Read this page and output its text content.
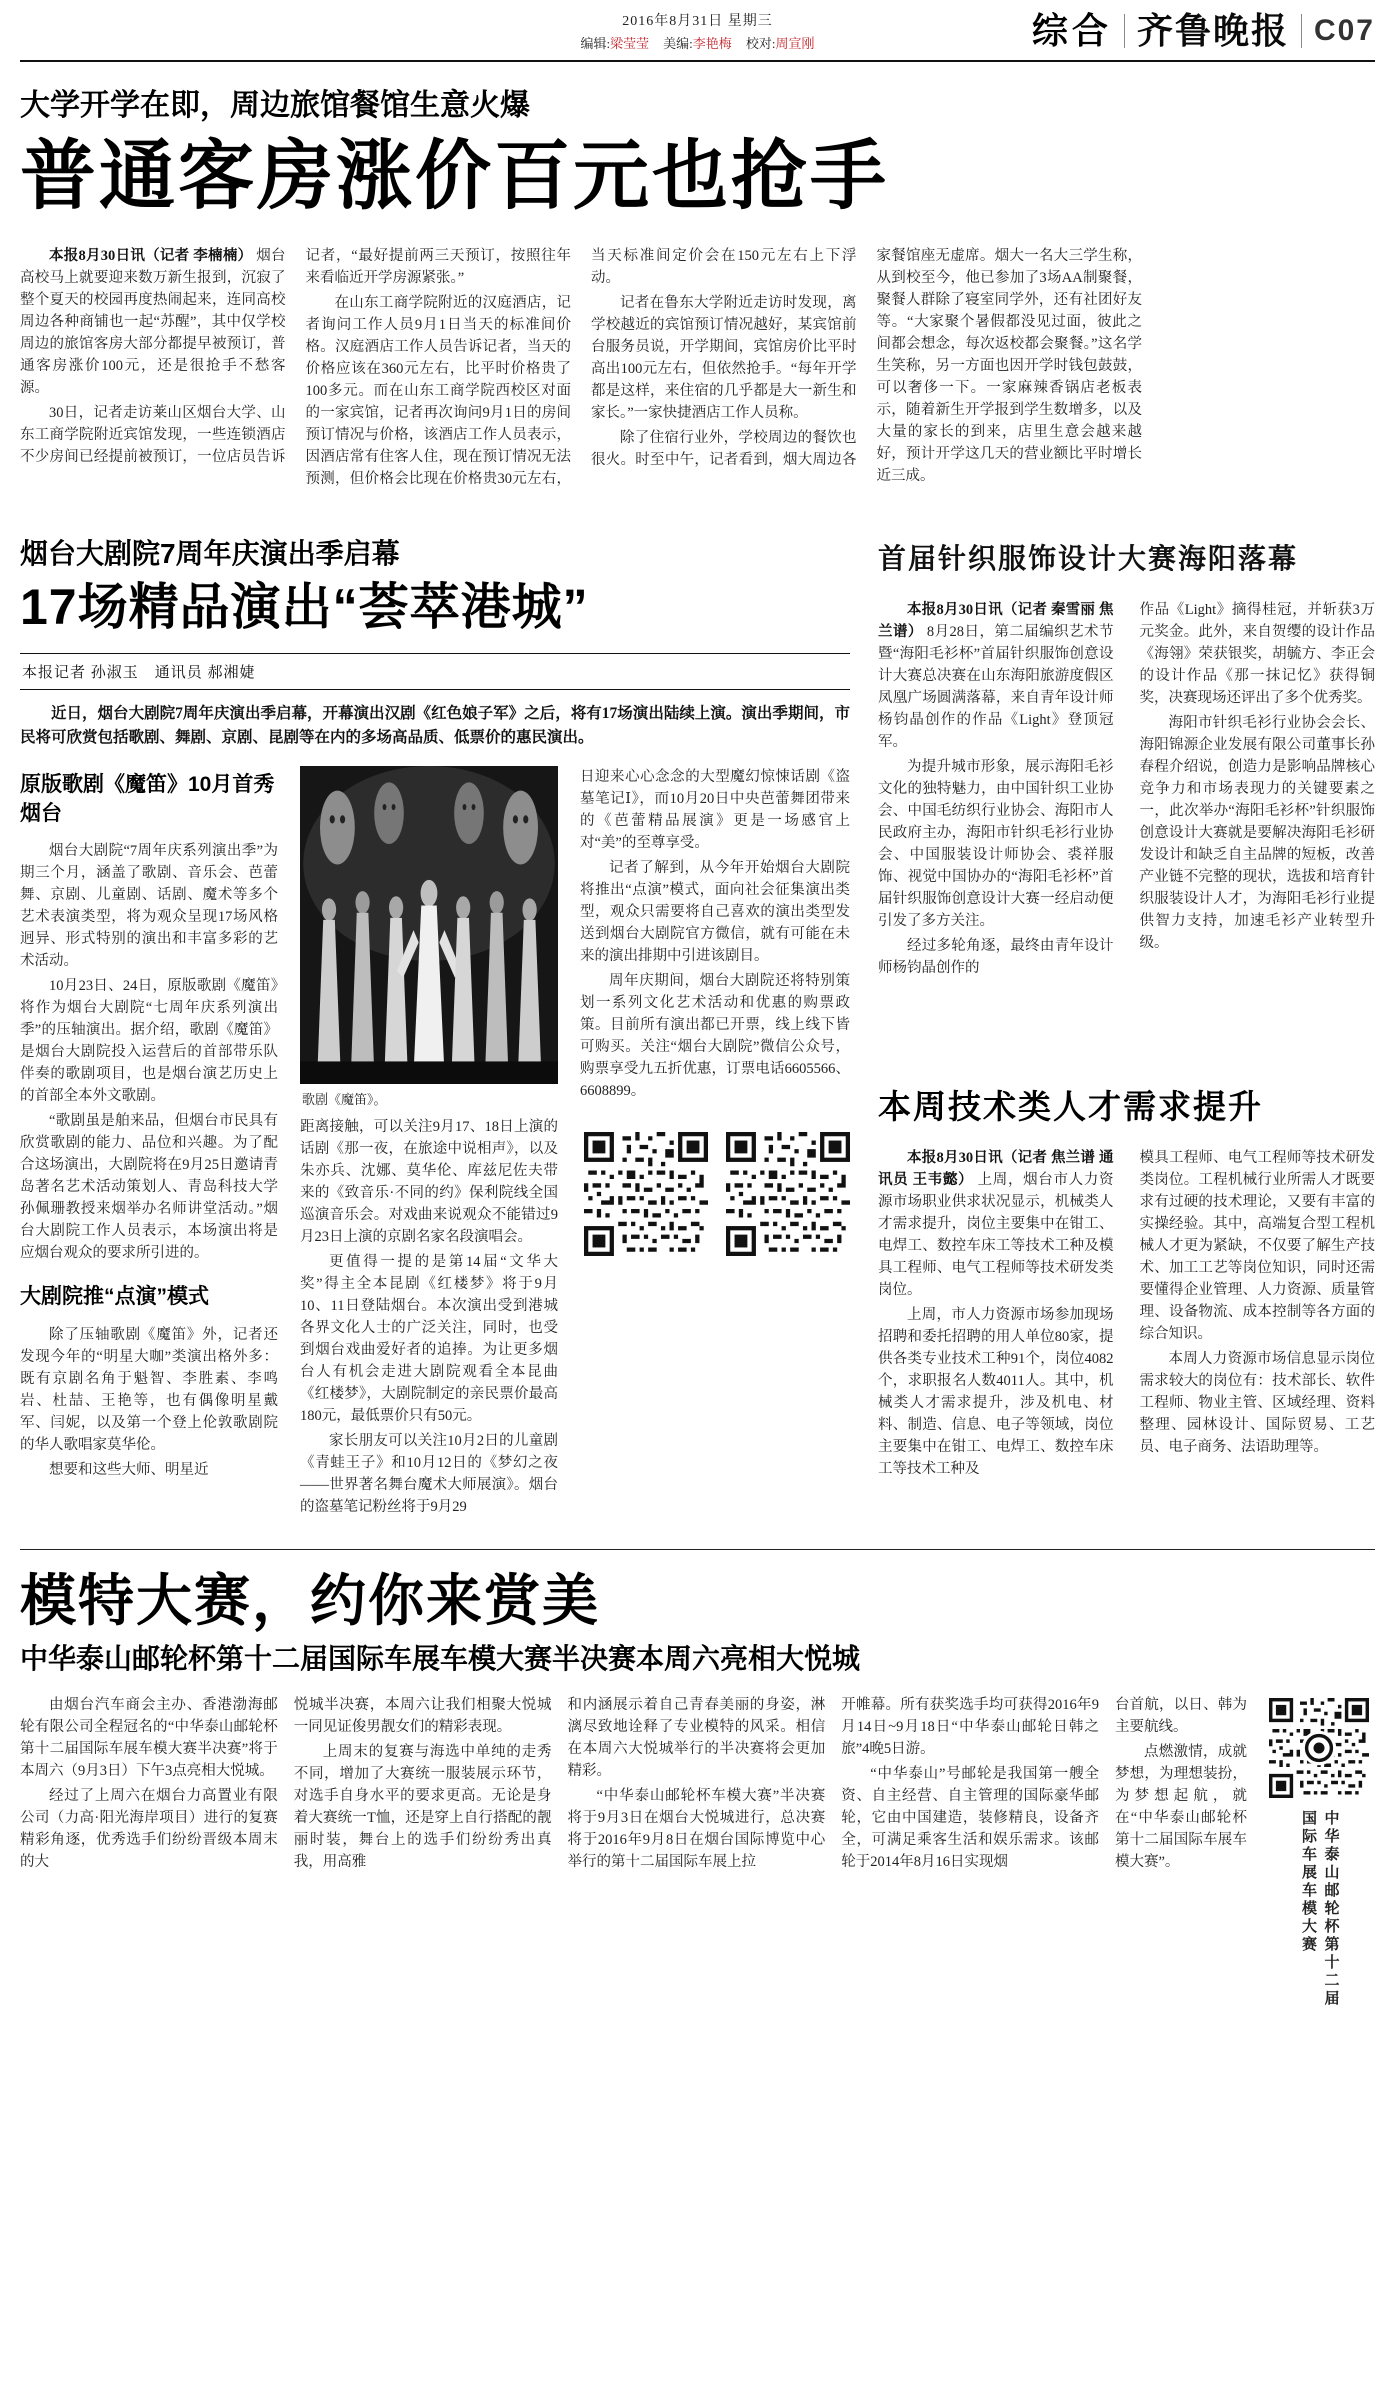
2016年8月31日 星期三
编辑:梁莹莹 美编:李艳梅 校对:周宣刚	综合 齐鲁晚报 C07
大学开学在即，周边旅馆餐馆生意火爆
普通客房涨价百元也抢手

本报8月30日讯（记者 李楠楠） 烟台高校马上就要迎来数万新生报到，沉寂了整个夏天的校园再度热闹起来，连同高校周边各种商铺也一起“苏醒”，其中仅学校周边的旅馆客房大部分都提早被预订，普通客房涨价100元，还是很抢手不愁客源。

30日，记者走访莱山区烟台大学、山东工商学院附近宾馆发现，一些连锁酒店不少房间已经提前被预订，一位店员告诉记者，“最好提前两三天预订，按照往年来看临近开学房源紧张。”

在山东工商学院附近的汉庭酒店，记者询问工作人员9月1日当天的标准间价格。汉庭酒店工作人员告诉记者，当天的价格应该在360元左右，比平时价格贵了100多元。而在山东工商学院西校区对面的一家宾馆，记者再次询问9月1日的房间预订情况与价格，该酒店工作人员表示，因酒店常有住客人住，现在预订情况无法预测，但价格会比现在价格贵30元左右，当天标准间定价会在150元左右上下浮动。

记者在鲁东大学附近走访时发现，离学校越近的宾馆预订情况越好，某宾馆前台服务员说，开学期间，宾馆房价比平时高出100元左右，但依然抢手。“每年开学都是这样，来住宿的几乎都是大一新生和家长。”一家快捷酒店工作人员称。

除了住宿行业外，学校周边的餐饮也很火。时至中午，记者看到，烟大周边各家餐馆座无虚席。烟大一名大三学生称，从到校至今，他已参加了3场AA制聚餐，聚餐人群除了寝室同学外，还有社团好友等。“大家聚个暑假都没见过面，彼此之间都会想念，每次返校都会聚餐。”这名学生笑称，另一方面也因开学时钱包鼓鼓，可以奢侈一下。一家麻辣香锅店老板表示，随着新生开学报到学生数增多，以及大量的家长的到来，店里生意会越来越好，预计开学这几天的营业额比平时增长近三成。

烟台大剧院7周年庆演出季启幕
17场精品演出“荟萃港城”
本报记者 孙淑玉　通讯员 郝湘婕

近日，烟台大剧院7周年庆演出季启幕，开幕演出汉剧《红色娘子军》之后，将有17场演出陆续上演。演出季期间，市民将可欣赏包括歌剧、舞剧、京剧、昆剧等在内的多场高品质、低票价的惠民演出。

原版歌剧《魔笛》10月首秀烟台

烟台大剧院“7周年庆系列演出季”为期三个月，涵盖了歌剧、音乐会、芭蕾舞、京剧、儿童剧、话剧、魔术等多个艺术表演类型，将为观众呈现17场风格迥异、形式特别的演出和丰富多彩的艺术活动。

10月23日、24日，原版歌剧《魔笛》将作为烟台大剧院“七周年庆系列演出季”的压轴演出。据介绍，歌剧《魔笛》是烟台大剧院投入运营后的首部带乐队伴奏的歌剧项目，也是烟台演艺历史上的首部全本外文歌剧。

“歌剧虽是舶来品，但烟台市民具有欣赏歌剧的能力、品位和兴趣。为了配合这场演出，大剧院将在9月25日邀请青岛著名艺术活动策划人、青岛科技大学孙佩珊教授来烟举办名师讲堂活动。”烟台大剧院工作人员表示，本场演出将是应烟台观众的要求所引进的。

大剧院推“点演”模式

除了压轴歌剧《魔笛》外，记者还发现今年的“明星大咖”类演出格外多：既有京剧名角于魁智、李胜素、李鸣岩、杜喆、王艳等，也有偶像明星戴军、闫妮，以及第一个登上伦敦歌剧院的华人歌唱家莫华伦。

想要和这些大师、明星近

歌剧《魔笛》。

距离接触，可以关注9月17、18日上演的话剧《那一夜，在旅途中说相声》，以及朱亦兵、沈娜、莫华伦、库兹尼佐夫带来的《致音乐·不同的约》保利院线全国巡演音乐会。对戏曲来说观众不能错过9月23日上演的京剧名家名段演唱会。

更值得一提的是第14届“文华大奖”得主全本昆剧《红楼梦》将于9月10、11日登陆烟台。本次演出受到港城各界文化人士的广泛关注，同时，也受到烟台戏曲爱好者的追捧。为让更多烟台人有机会走进大剧院观看全本昆曲《红楼梦》，大剧院制定的亲民票价最高180元，最低票价只有50元。

家长朋友可以关注10月2日的儿童剧《青蛙王子》和10月12日的《梦幻之夜——世界著名舞台魔术大师展演》。烟台的盗墓笔记粉丝将于9月29

日迎来心心念念的大型魔幻惊悚话剧《盗墓笔记Ⅰ》，而10月20日中央芭蕾舞团带来的《芭蕾精品展演》更是一场感官上对“美”的至尊享受。

记者了解到，从今年开始烟台大剧院将推出“点演”模式，面向社会征集演出类型，观众只需要将自己喜欢的演出类型发送到烟台大剧院官方微信，就有可能在未来的演出排期中引进该剧目。

周年庆期间，烟台大剧院还将特别策划一系列文化艺术活动和优惠的购票政策。目前所有演出都已开票，线上线下皆可购买。关注“烟台大剧院”微信公众号，购票享受九五折优惠，订票电话6605566、6608899。

首届针织服饰设计大赛海阳落幕

本报8月30日讯（记者 秦雪丽 焦兰谱） 8月28日，第二届编织艺术节暨“海阳毛衫杯”首届针织服饰创意设计大赛总决赛在山东海阳旅游度假区凤凰广场圆满落幕，来自青年设计师杨钧晶创作的作品《Light》登顶冠军。

为提升城市形象，展示海阳毛衫文化的独特魅力，由中国针织工业协会、中国毛纺织行业协会、海阳市人民政府主办，海阳市针织毛衫行业协会、中国服装设计师协会、裘祥服饰、视觉中国协办的“海阳毛衫杯”首届针织服饰创意设计大赛一经启动便引发了多方关注。

经过多轮角逐，最终由青年设计师杨钧晶创作的

作品《Light》摘得桂冠，并斩获3万元奖金。此外，来自贺缨的设计作品《海翎》荣获银奖，胡毓方、李正会的设计作品《那一抹记忆》获得铜奖，决赛现场还评出了多个优秀奖。

海阳市针织毛衫行业协会会长、海阳锦源企业发展有限公司董事长孙春程介绍说，创造力是影响品牌核心竞争力和市场表现力的关键要素之一，此次举办“海阳毛衫杯”针织服饰创意设计大赛就是要解决海阳毛衫研发设计和缺乏自主品牌的短板，改善产业链不完整的现状，选拔和培育针织服装设计人才，为海阳毛衫行业提供智力支持，加速毛衫产业转型升级。

本周技术类人才需求提升

本报8月30日讯（记者 焦兰谱 通讯员 王韦懿） 上周，烟台市人力资源市场职业供求状况显示，机械类人才需求提升，岗位主要集中在钳工、电焊工、数控车床工等技术工种及模具工程师、电气工程师等技术研发类岗位。

上周，市人力资源市场参加现场招聘和委托招聘的用人单位80家，提供各类专业技术工种91个，岗位4082个，求职报名人数4011人。其中，机械类人才需求提升，涉及机电、材料、制造、信息、电子等领域，岗位主要集中在钳工、电焊工、数控车床工等技术工种及

模具工程师、电气工程师等技术研发类岗位。工程机械行业所需人才既要求有过硬的技术理论，又要有丰富的实操经验。其中，高端复合型工程机械人才更为紧缺，不仅要了解生产技术、加工工艺等岗位知识，同时还需要懂得企业管理、人力资源、质量管理、设备物流、成本控制等各方面的综合知识。

本周人力资源市场信息显示岗位需求较大的岗位有：技术部长、软件工程师、物业主管、区域经理、资料整理、园林设计、国际贸易、工艺员、电子商务、法语助理等。

模特大赛，约你来赏美
中华泰山邮轮杯第十二届国际车展车模大赛半决赛本周六亮相大悦城

由烟台汽车商会主办、香港渤海邮轮有限公司全程冠名的“中华泰山邮轮杯第十二届国际车展车模大赛半决赛”将于本周六（9月3日）下午3点亮相大悦城。

经过了上周六在烟台力高置业有限公司（力高·阳光海岸项目）进行的复赛精彩角逐，优秀选手们纷纷晋级本周末的大

悦城半决赛，本周六让我们相聚大悦城一同见证俊男靓女们的精彩表现。

上周末的复赛与海选中单纯的走秀不同，增加了大赛统一服装展示环节，对选手自身水平的要求更高。无论是身着大赛统一T恤，还是穿上自行搭配的靓丽时装，舞台上的选手们纷纷秀出真我，用高雅

和内涵展示着自己青春美丽的身姿，淋漓尽致地诠释了专业模特的风采。相信在本周六大悦城举行的半决赛将会更加精彩。

“中华泰山邮轮杯车模大赛”半决赛将于9月3日在烟台大悦城进行，总决赛将于2016年9月8日在烟台国际博览中心举行的第十二届国际车展上拉

开帷幕。所有获奖选手均可获得2016年9月14日~9月18日“中华泰山邮轮日韩之旅”4晚5日游。

“中华泰山”号邮轮是我国第一艘全资、自主经营、自主管理的国际豪华邮轮，它由中国建造，装修精良，设备齐全，可满足乘客生活和娱乐需求。该邮轮于2014年8月16日实现烟

台首航，以日、韩为主要航线。

点燃激情，成就梦想，为理想装扮，为梦想起航，就在“中华泰山邮轮杯第十二届国际车展车模大赛”。	中华泰山邮轮杯第十二届国际车展车模大赛
